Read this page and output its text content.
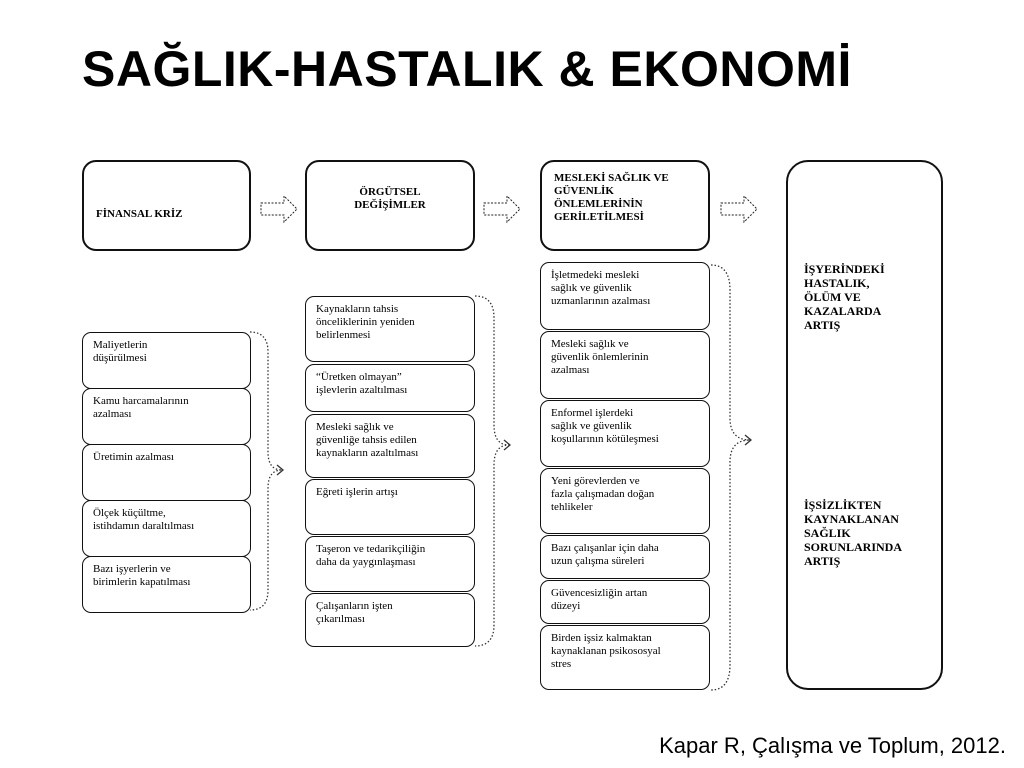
SAĞLIK-HASTALIK & EKONOMİ
FİNANSAL KRİZ
ÖRGÜTSEL
DEĞİŞİMLER
MESLEKİ SAĞLIK VE
GÜVENLİK
ÖNLEMLERİNİN
GERİLETİLMESİ
İŞYERİNDEKİ
HASTALIK,
ÖLÜM VE
KAZALARDA
ARTIŞ
İŞSİZLİKTEN
KAYNAKLANAN
SAĞLIK
SORUNLARINDA
ARTIŞ
Maliyetlerin
düşürülmesi
Kamu harcamalarının
azalması
Üretimin azalması
Ölçek küçültme,
istihdamın daraltılması
Bazı işyerlerin ve
birimlerin kapatılması
Kaynakların tahsis
önceliklerinin yeniden
belirlenmesi
“Üretken olmayan”
işlevlerin azaltılması
Mesleki sağlık ve
güvenliğe tahsis edilen
kaynakların azaltılması
Eğreti işlerin artışı
Taşeron ve tedarikçiliğin
daha da yaygınlaşması
Çalışanların işten
çıkarılması
İşletmedeki mesleki
sağlık ve güvenlik
uzmanlarının azalması
Mesleki sağlık ve
güvenlik önlemlerinin
azalması
Enformel işlerdeki
sağlık ve güvenlik
koşullarının kötüleşmesi
Yeni görevlerden ve
fazla çalışmadan doğan
tehlikeler
Bazı çalışanlar için daha
uzun çalışma süreleri
Güvencesizliğin artan
düzeyi
Birden işsiz kalmaktan
kaynaklanan psikososyal
stres
Kapar R, Çalışma ve Toplum, 2012.
